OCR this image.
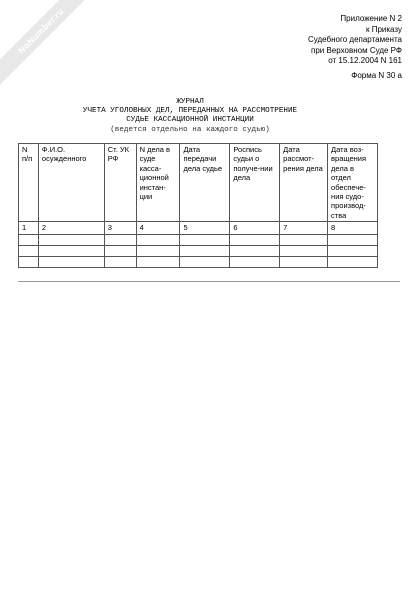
NoNumber.ru	Приложение N 2
к Приказу
Судебного департамента
при Верховном Суде РФ
от 15.12.2004 N 161
Форма N 30 а
ЖУРНАЛ
УЧЕТА УГОЛОВНЫХ ДЕЛ, ПЕРЕДАННЫХ НА РАССМОТРЕНИЕ
СУДЬЕ КАССАЦИОННОЙ ИНСТАНЦИИ
(ведется отдельно на каждого судью)
N п/п	Ф.И.О. осужденного	Ст. УК РФ	N дела в суде касса-ционной инстан-ции	Дата передачи дела судье	Роспись судьи о получе-нии дела	Дата рассмот-рения дела	Дата воз-вращения дела в отдел обеспече-ния судо-производ-ства
1	2	3	4	5	6	7	8
